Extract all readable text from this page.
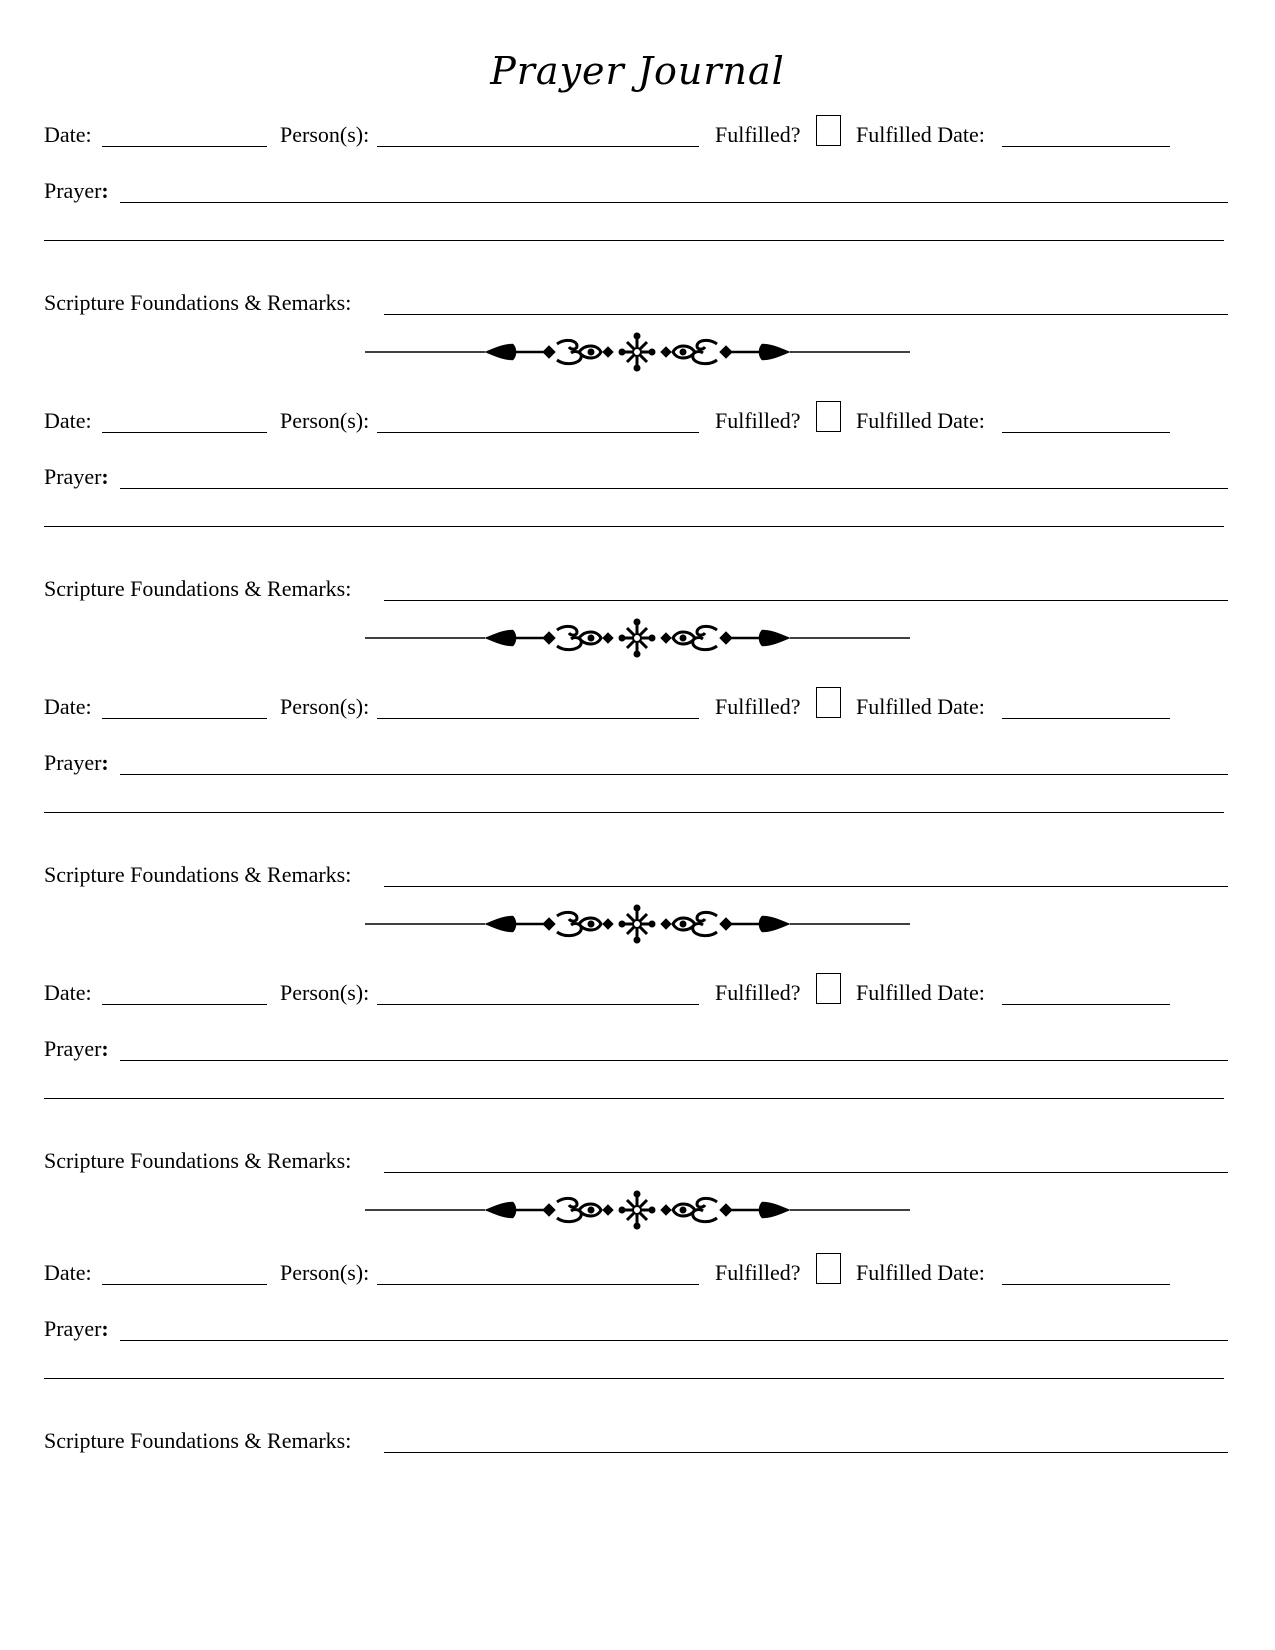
Prayer Journal
Date:	Person(s):	Fulfilled?	Fulfilled Date:
Prayer:
Scripture Foundations & Remarks:
Date:	Person(s):	Fulfilled?	Fulfilled Date:
Prayer:
Scripture Foundations & Remarks:
Date:	Person(s):	Fulfilled?	Fulfilled Date:
Prayer:
Scripture Foundations & Remarks:
Date:	Person(s):	Fulfilled?	Fulfilled Date:
Prayer:
Scripture Foundations & Remarks:
Date:	Person(s):	Fulfilled?	Fulfilled Date:
Prayer:
Scripture Foundations & Remarks:
